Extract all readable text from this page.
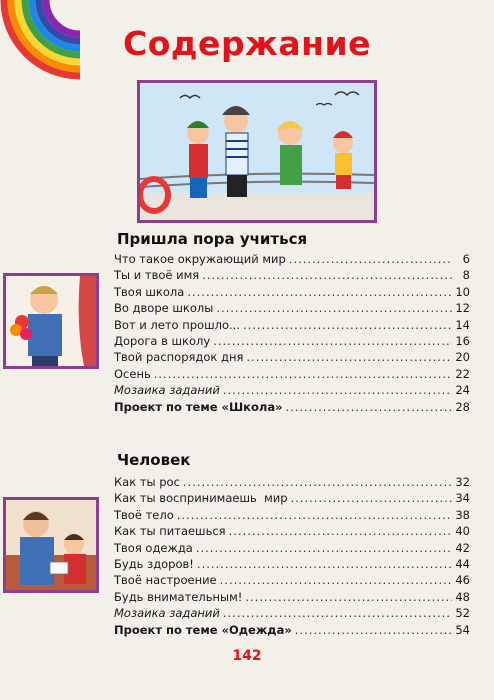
Содержание
Пришла пора учиться
Что такое окружающий мир .....	6
Ты и твоё имя .....	8
Твоя школа .....	10
Во дворе школы .....	12
Вот и лето прошло... .....	14
Дорога в школу .....	16
Твой распорядок дня .....	20
Осень .....	22
Мозаика заданий .....	24
Проект по теме «Школа» .....	28
Человек
Как ты рос .....	32
Как ты воспринимаешь  мир .....	34
Твоё тело .....	38
Как ты питаешься .....	40
Твоя одежда .....	42
Будь здоров! .....	44
Твоё настроение .....	46
Будь внимательным! .....	48
Мозаика заданий .....	52
Проект по теме «Одежда» .....	54
142
